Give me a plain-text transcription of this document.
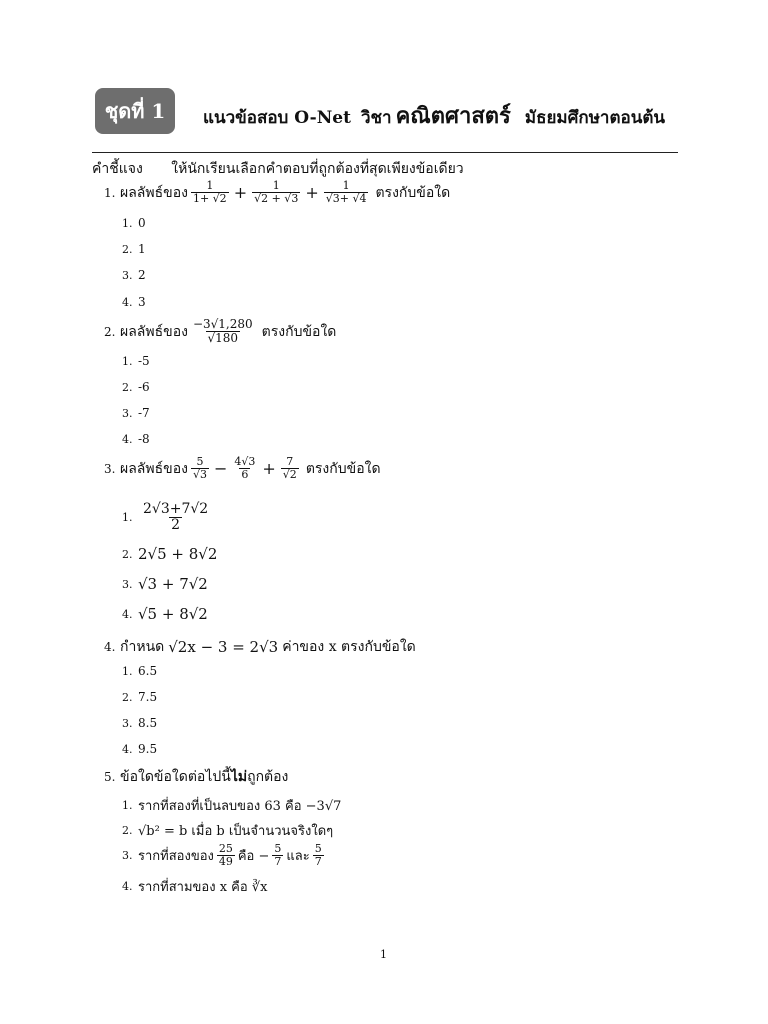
ชุดที่ 1 แนวข้อสอบ O-Net วิชา คณิตศาสตร์ มัธยมศึกษาตอนต้น
คำชี้แจง ให้นักเรียนเลือกคำตอบที่ถูกต้องที่สุดเพียงข้อเดียว
1. ผลลัพธ์ของ $\frac{1}{1+ √2} + \frac{1}{√2 + √3} + \frac{1}{√3+ √4}$ ตรงกับข้อใด
1. 0
2. 1
3. 2
4. 3
2. ผลลัพธ์ของ $\frac{-3√1,280}{√180}$ ตรงกับข้อใด
1. -5
2. -6
3. -7
4. -8
3. ผลลัพธ์ของ $\frac{5}{√3} - \frac{4√3}{6} + \frac{7}{√2}$ ตรงกับข้อใด
1. $\frac{2√3+7√2}{2}$
2. 2√5 + 8√2
3. √3 + 7√2
4. √5 + 8√2
4. กำหนด √2x − 3 = 2√3 ค่าของ x ตรงกับข้อใด
1. 6.5
2. 7.5
3. 8.5
4. 9.5
5. ข้อใดข้อใดต่อไปนี้ ไม่ ถูกต้อง
1. รากที่สองที่เป็นลบของ 63 คือ −3√7
2. √b² = b เมื่อ b เป็นจำนวนจริงใดๆ
3. รากที่สองของ $\frac{25}{49}$ คือ − $\frac{5}{7}$ และ $\frac{5}{7}$
4. รากที่สามของ x คือ ∛x
1
